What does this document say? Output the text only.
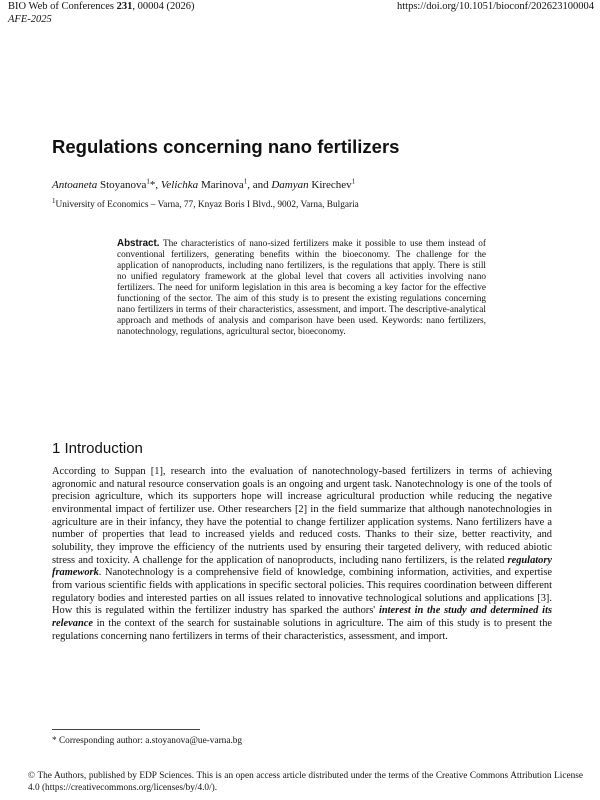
BIO Web of Conferences 231, 00004 (2026)	https://doi.org/10.1051/bioconf/202623100004
AFE-2025
Regulations concerning nano fertilizers
Antoaneta Stoyanova$^1$*, Velichka Marinova$^1$, and Damyan Kirechev$^1$
$^1$University of Economics – Varna, 77, Knyaz Boris I Blvd., 9002, Varna, Bulgaria
Abstract. The characteristics of nano-sized fertilizers make it possible to use them instead of conventional fertilizers, generating benefits within the bioeconomy. The challenge for the application of nanoproducts, including nano fertilizers, is the regulations that apply. There is still no unified regulatory framework at the global level that covers all activities involving nano fertilizers. The need for uniform legislation in this area is becoming a key factor for the effective functioning of the sector. The aim of this study is to present the existing regulations concerning nano fertilizers in terms of their characteristics, assessment, and import. The descriptive-analytical approach and methods of analysis and comparison have been used. Keywords: nano fertilizers, nanotechnology, regulations, agricultural sector, bioeconomy.
1 Introduction
According to Suppan [1], research into the evaluation of nanotechnology-based fertilizers in terms of achieving agronomic and natural resource conservation goals is an ongoing and urgent task. Nanotechnology is one of the tools of precision agriculture, which its supporters hope will increase agricultural production while reducing the negative environmental impact of fertilizer use. Other researchers [2] in the field summarize that although nanotechnologies in agriculture are in their infancy, they have the potential to change fertilizer application systems. Nano fertilizers have a number of properties that lead to increased yields and reduced costs. Thanks to their size, better reactivity, and solubility, they improve the efficiency of the nutrients used by ensuring their targeted delivery, with reduced abiotic stress and toxicity. A challenge for the application of nanoproducts, including nano fertilizers, is the related regulatory framework. Nanotechnology is a comprehensive field of knowledge, combining information, activities, and expertise from various scientific fields with applications in specific sectoral policies. This requires coordination between different regulatory bodies and interested parties on all issues related to innovative technological solutions and applications [3]. How this is regulated within the fertilizer industry has sparked the authors' interest in the study and determined its relevance in the context of the search for sustainable solutions in agriculture. The aim of this study is to present the regulations concerning nano fertilizers in terms of their characteristics, assessment, and import.
* Corresponding author: a.stoyanova@ue-varna.bg
© The Authors, published by EDP Sciences. This is an open access article distributed under the terms of the Creative Commons Attribution License 4.0 (https://creativecommons.org/licenses/by/4.0/).
